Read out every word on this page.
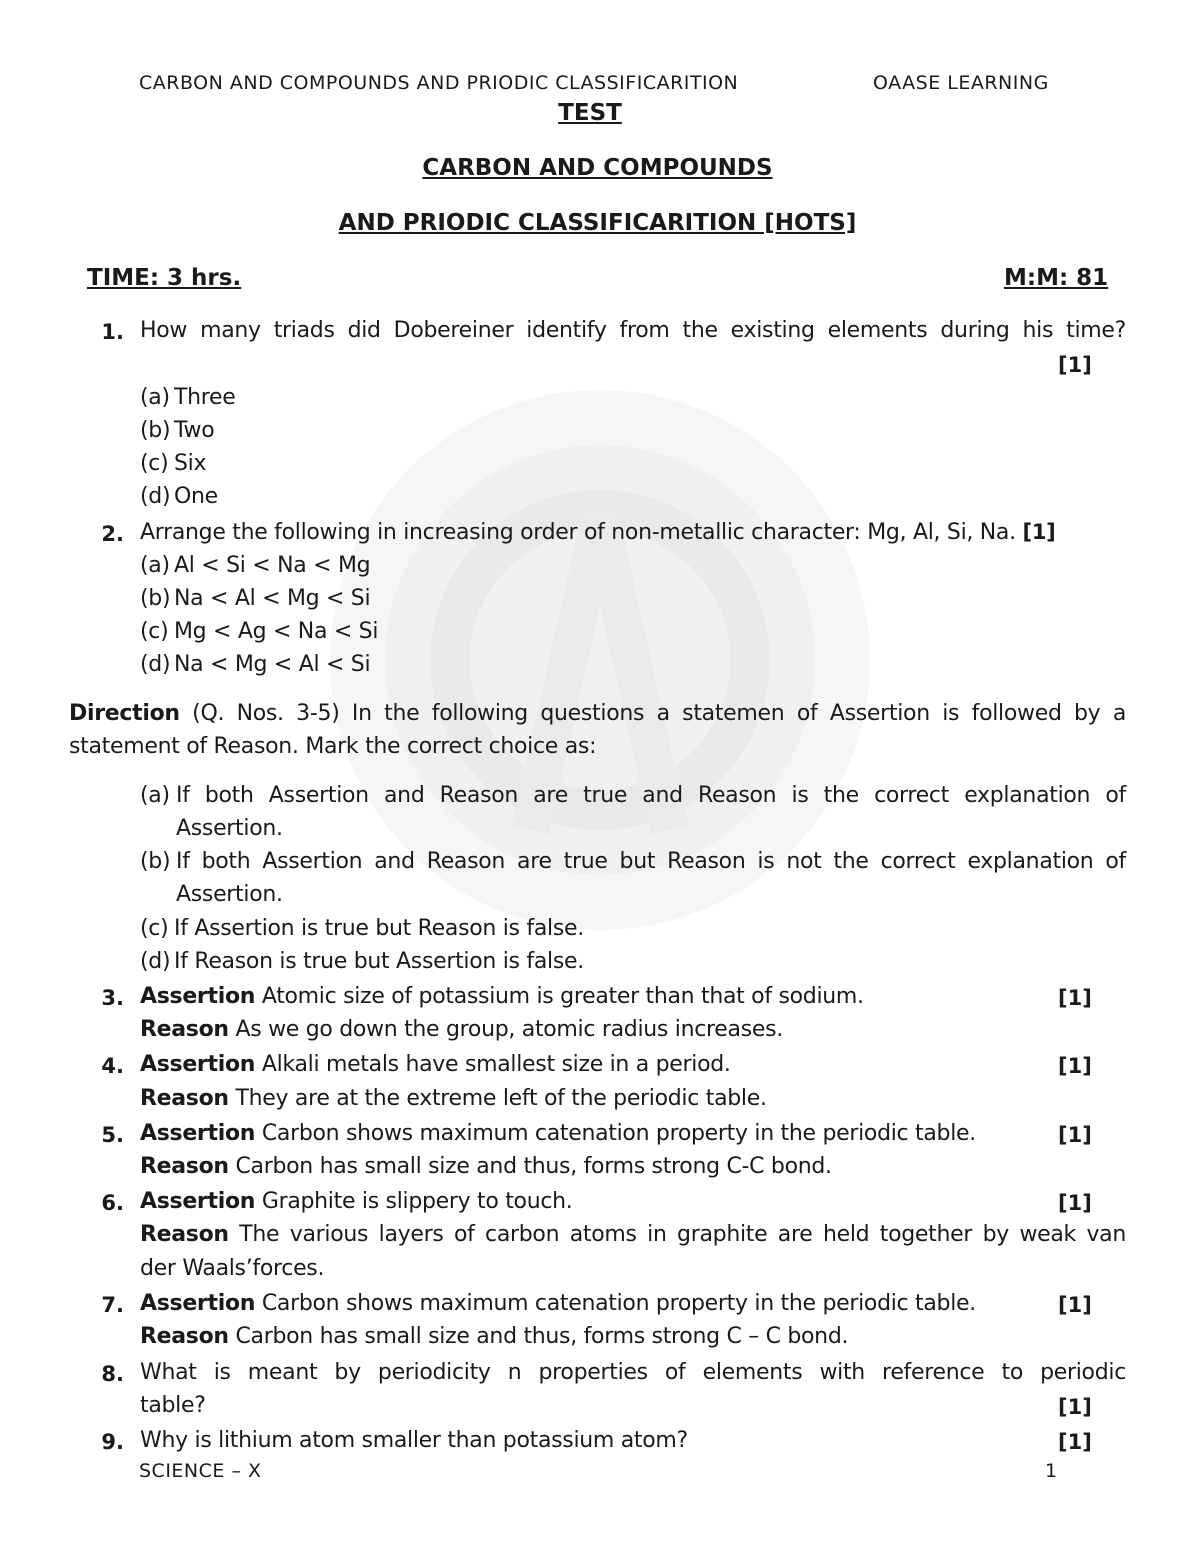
CARBON AND COMPOUNDS AND PRIODIC CLASSIFICARITION	OAASE LEARNING
TEST
CARBON AND COMPOUNDS
AND PRIODIC CLASSIFICARITION [HOTS]
TIME: 3 hrs.	M:M: 81
1. How many triads did Dobereiner identify from the existing elements during his time?
[1]
(a) Three
(b) Two
(c) Six
(d) One
2. Arrange the following in increasing order of non-metallic character: Mg, Al, Si, Na. [1]
(a) Al < Si < Na < Mg
(b) Na < Al < Mg < Si
(c) Mg < Ag < Na < Si
(d) Na < Mg < Al < Si
Direction (Q. Nos. 3-5) In the following questions a statemen of Assertion is followed by a
statement of Reason. Mark the correct choice as:
(a) If both Assertion and Reason are true and Reason is the correct explanation of
Assertion.
(b) If both Assertion and Reason are true but Reason is not the correct explanation of
Assertion.
(c) If Assertion is true but Reason is false.
(d) If Reason is true but Assertion is false.
3. Assertion Atomic size of potassium is greater than that of sodium.	[1]
Reason As we go down the group, atomic radius increases.
4. Assertion Alkali metals have smallest size in a period.	[1]
Reason They are at the extreme left of the periodic table.
5. Assertion Carbon shows maximum catenation property in the periodic table.	[1]
Reason Carbon has small size and thus, forms strong C-C bond.
6. Assertion Graphite is slippery to touch.	[1]
Reason The various layers of carbon atoms in graphite are held together by weak van
der Waals’forces.
7. Assertion Carbon shows maximum catenation property in the periodic table.	[1]
Reason Carbon has small size and thus, forms strong C – C bond.
8. What is meant by periodicity n properties of elements with reference to periodic
table?	[1]
9. Why is lithium atom smaller than potassium atom?	[1]
SCIENCE – X	1
